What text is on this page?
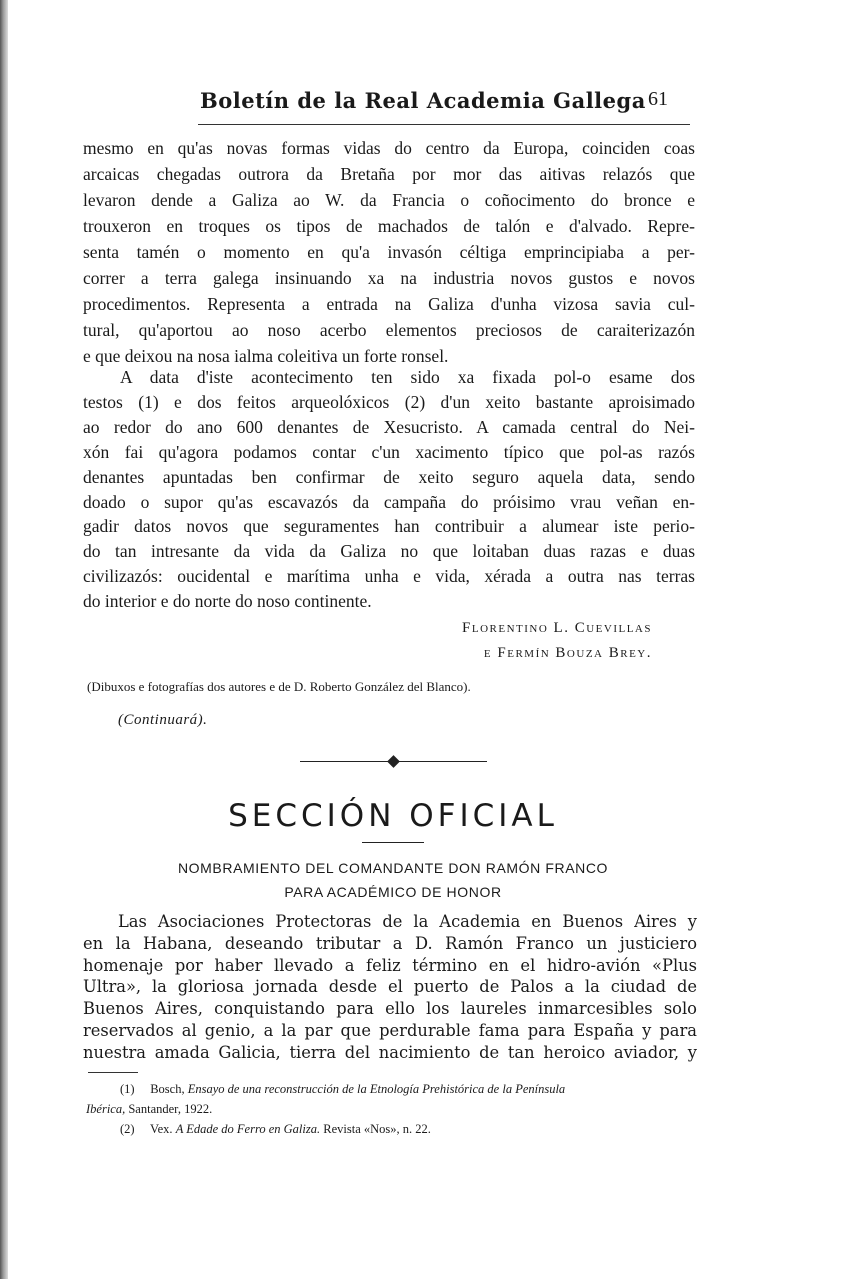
Boletín de la Real Academia Gallega 61
mesmo en qu'as novas formas vidas do centro da Europa, coinciden coas
arcaicas chegadas outrora da Bretaña por mor das aitivas relazós que
levaron dende a Galiza ao W. da Francia o coñocimento do bronce e
trouxeron en troques os tipos de machados de talón e d'alvado. Repre-
senta tamén o momento en qu'a invasón céltiga emprincipiaba a per-
correr a terra galega insinuando xa na industria novos gustos e novos
procedimentos. Representa a entrada na Galiza d'unha vizosa savia cul-
tural, qu'aportou ao noso acerbo elementos preciosos de caraiterizazón
e que deixou na nosa ialma coleitiva un forte ronsel.
A data d'iste acontecimento ten sido xa fixada pol-o esame dos
testos (1) e dos feitos arqueolóxicos (2) d'un xeito bastante aproisimado
ao redor do ano 600 denantes de Xesucristo. A camada central do Nei-
xón fai qu'agora podamos contar c'un xacimento típico que pol-as razós
denantes apuntadas ben confirmar de xeito seguro aquela data, sendo
doado o supor qu'as escavazós da campaña do próisimo vrau veñan en-
gadir datos novos que seguramentes han contribuir a alumear iste perio-
do tan intresante da vida da Galiza no que loitaban duas razas e duas
civilizazós: oucidental e marítima unha e vida, xérada a outra nas terras
do interior e do norte do noso continente.
Florentino L. Cuevillas
e Fermín Bouza Brey.
(Dibuxos e fotografías dos autores e de D. Roberto González del Blanco).
(Continuará).
SECCIÓN OFICIAL
NOMBRAMIENTO DEL COMANDANTE DON RAMÓN FRANCO
PARA ACADÉMICO DE HONOR
Las Asociaciones Protectoras de la Academia en Buenos Aires y
en la Habana, deseando tributar a D. Ramón Franco un justiciero
homenaje por haber llevado a feliz término en el hidro-avión «Plus
Ultra», la gloriosa jornada desde el puerto de Palos a la ciudad de
Buenos Aires, conquistando para ello los laureles inmarcesibles solo
reservados al genio, a la par que perdurable fama para España y para
nuestra amada Galicia, tierra del nacimiento de tan heroico aviador, y
(1) Bosch, Ensayo de una reconstrucción de la Etnología Prehistórica de la Península
Ibérica, Santander, 1922.
(2) Vex. A Edade do Ferro en Galiza. Revista «Nos», n. 22.
